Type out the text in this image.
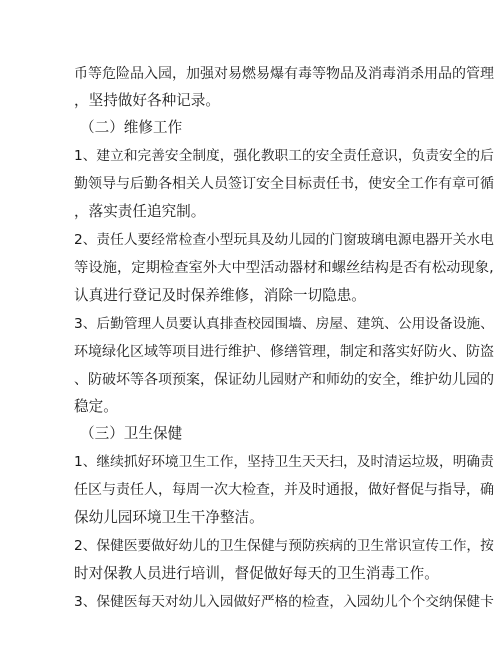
币等危险品入园，加强对易燃易爆有毒等物品及消毒消杀用品的管理
，坚持做好各种记录。
（二）维修工作
1、建立和完善安全制度，强化教职工的安全责任意识，负责安全的后
勤领导与后勤各相关人员签订安全目标责任书，使安全工作有章可循
，落实责任追究制。
2、责任人要经常检查小型玩具及幼儿园的门窗玻璃电源电器开关水电
等设施，定期检查室外大中型活动器材和螺丝结构是否有松动现象,
认真进行登记及时保养维修，消除一切隐患。
3、后勤管理人员要认真排查校园围墙、房屋、建筑、公用设备设施、
环境绿化区域等项目进行维护、修缮管理，制定和落实好防火、防盗
、防破坏等各项预案，保证幼儿园财产和师幼的安全，维护幼儿园的
稳定。
（三）卫生保健
1、继续抓好环境卫生工作，坚持卫生天天扫，及时清运垃圾，明确责
任区与责任人，每周一次大检查，并及时通报，做好督促与指导，确
保幼儿园环境卫生干净整洁。
2、保健医要做好幼儿的卫生保健与预防疾病的卫生常识宣传工作，按
时对保教人员进行培训，督促做好每天的卫生消毒工作。
3、保健医每天对幼儿入园做好严格的检查，入园幼儿个个交纳保健卡
